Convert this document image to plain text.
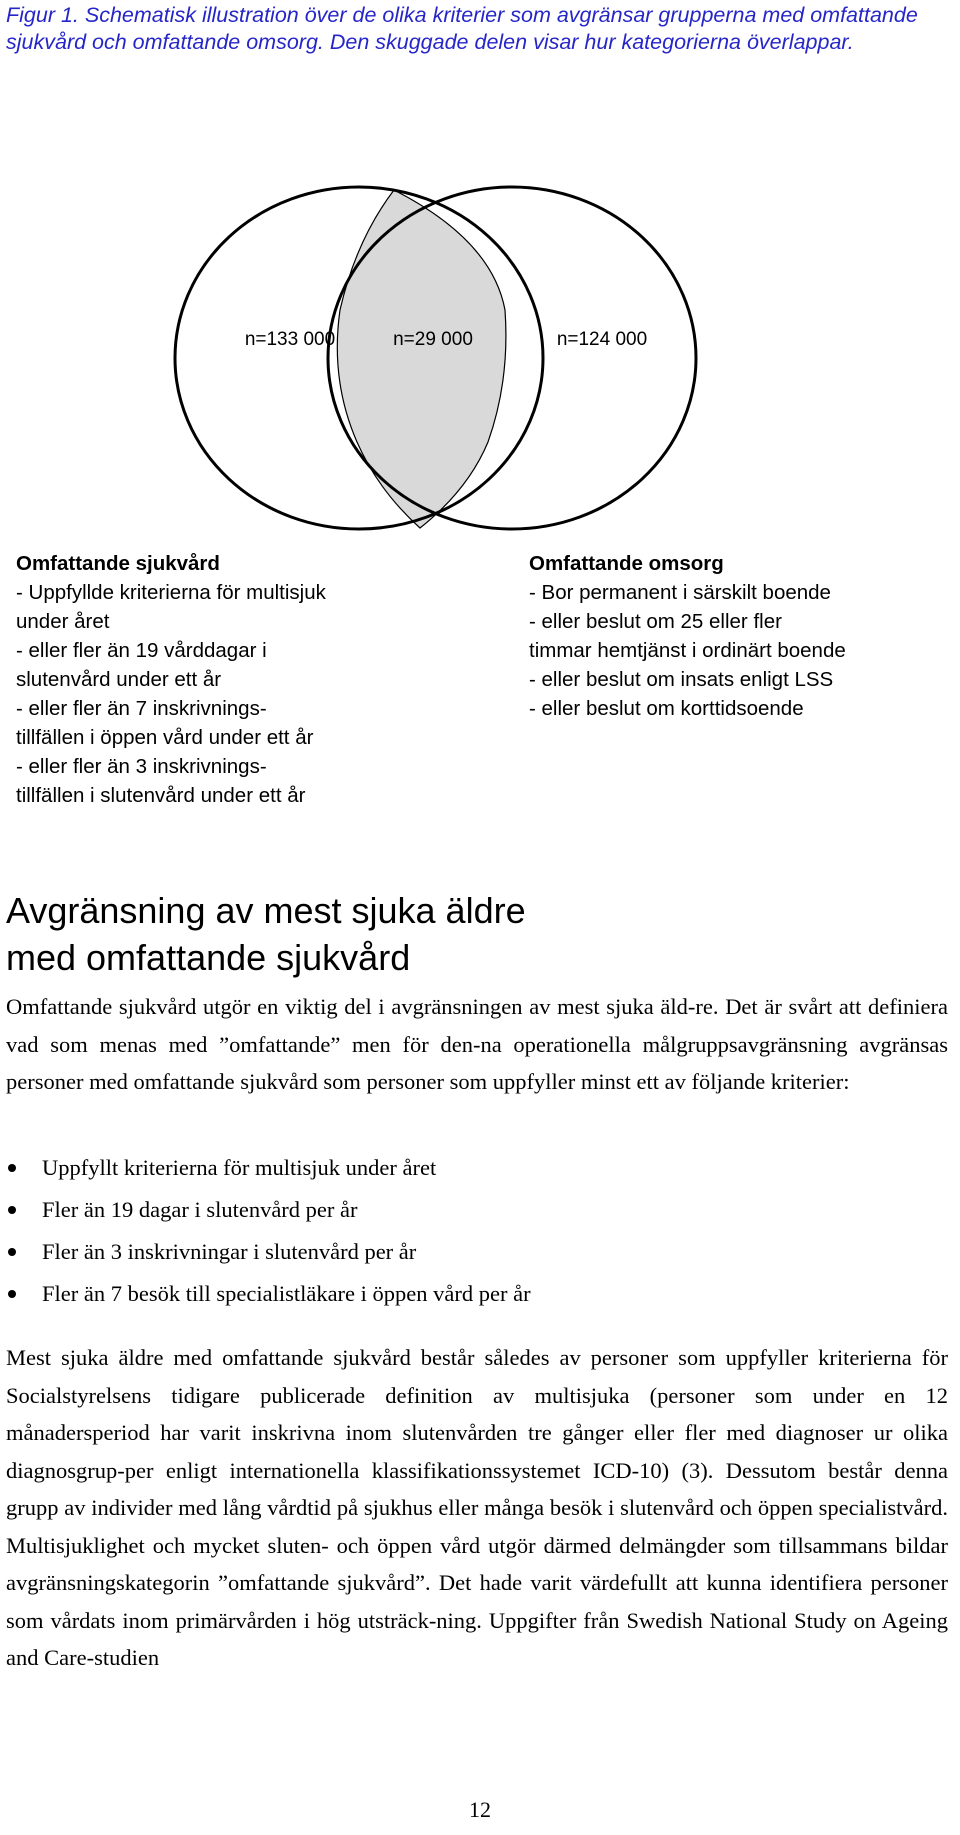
Figur 1. Schematisk illustration över de olika kriterier som avgränsar grupperna med omfattande sjukvård och omfattande omsorg. Den skuggade delen visar hur kategorierna överlappar.
n=133 000	n=29 000	n=124 000
Omfattande sjukvård
- Uppfyllde kriterierna för multisjuk
under året
- eller fler än 19 vårddagar i
slutenvård under ett år
- eller fler än 7 inskrivnings-
tillfällen i öppen vård under ett år
- eller fler än 3 inskrivnings-
tillfällen i slutenvård under ett år
Omfattande omsorg
- Bor permanent i särskilt boende
- eller beslut om 25 eller fler
timmar hemtjänst i ordinärt boende
- eller beslut om insats enligt LSS
- eller beslut om korttidsoende
Avgränsning av mest sjuka äldre
med omfattande sjukvård
Omfattande sjukvård utgör en viktig del i avgränsningen av mest sjuka äld-re. Det är svårt att definiera vad som menas med ”omfattande” men för den-na operationella målgruppsavgränsning avgränsas personer med omfattande sjukvård som personer som uppfyller minst ett av följande kriterier:
Uppfyllt kriterierna för multisjuk under året
Fler än 19 dagar i slutenvård per år
Fler än 3 inskrivningar i slutenvård per år
Fler än 7 besök till specialistläkare i öppen vård per år
Mest sjuka äldre med omfattande sjukvård består således av personer som uppfyller kriterierna för Socialstyrelsens tidigare publicerade definition av multisjuka (personer som under en 12 månadersperiod har varit inskrivna inom slutenvården tre gånger eller fler med diagnoser ur olika diagnosgrup-per enligt internationella klassifikationssystemet ICD-10) (3). Dessutom består denna grupp av individer med lång vårdtid på sjukhus eller många besök i slutenvård och öppen specialistvård. Multisjuklighet och mycket sluten- och öppen vård utgör därmed delmängder som tillsammans bildar avgränsningskategorin ”omfattande sjukvård”. Det hade varit värdefullt att kunna identifiera personer som vårdats inom primärvården i hög utsträck-ning. Uppgifter från Swedish National Study on Ageing and Care-studien
12
